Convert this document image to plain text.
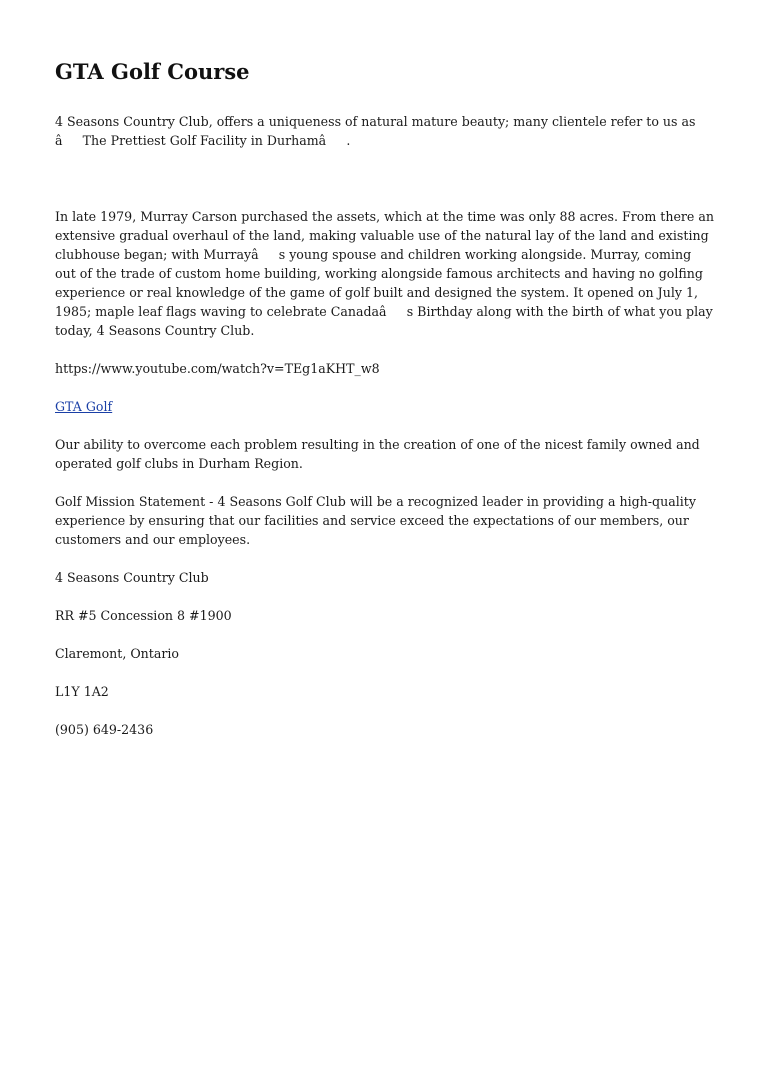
GTA Golf Course

4 Seasons Country Club, offers a uniqueness of natural mature beauty; many clientele refer to us as âThe Prettiest Golf Facility in Durhamâ.

In late 1979, Murray Carson purchased the assets, which at the time was only 88 acres. From there an extensive gradual overhaul of the land, making valuable use of the natural lay of the land and existing clubhouse began; with Murrayâs young spouse and children working alongside. Murray, coming out of the trade of custom home building, working alongside famous architects and having no golfing experience or real knowledge of the game of golf built and designed the system. It opened on July 1, 1985; maple leaf flags waving to celebrate Canadaâs Birthday along with the birth of what you play today, 4 Seasons Country Club.

https://www.youtube.com/watch?v=TEg1aKHT_w8

GTA Golf

Our ability to overcome each problem resulting in the creation of one of the nicest family owned and operated golf clubs in Durham Region.

Golf Mission Statement - 4 Seasons Golf Club will be a recognized leader in providing a high-quality experience by ensuring that our facilities and service exceed the expectations of our members, our customers and our employees.

4 Seasons Country Club

RR #5 Concession 8 #1900

Claremont, Ontario

L1Y 1A2

(905) 649-2436
